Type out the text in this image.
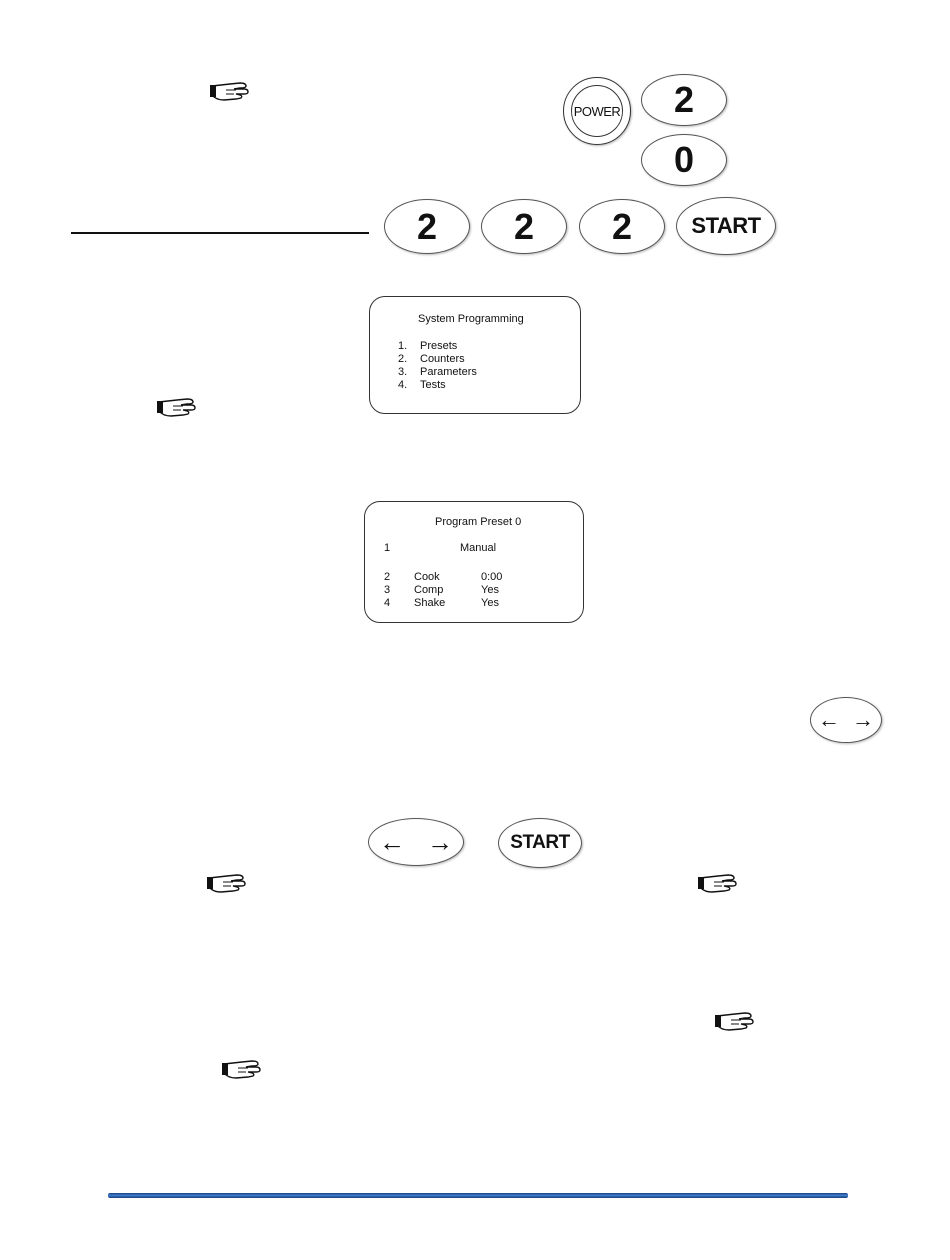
POWER 2
0
2 2 2	START
System Programming
1. Presets
2. Counters
3. Parameters
4. Tests
Program Preset 0
1	Manual
2 Cook	0:00
3 Comp	Yes
4 Shake	Yes
← →
← →	START
